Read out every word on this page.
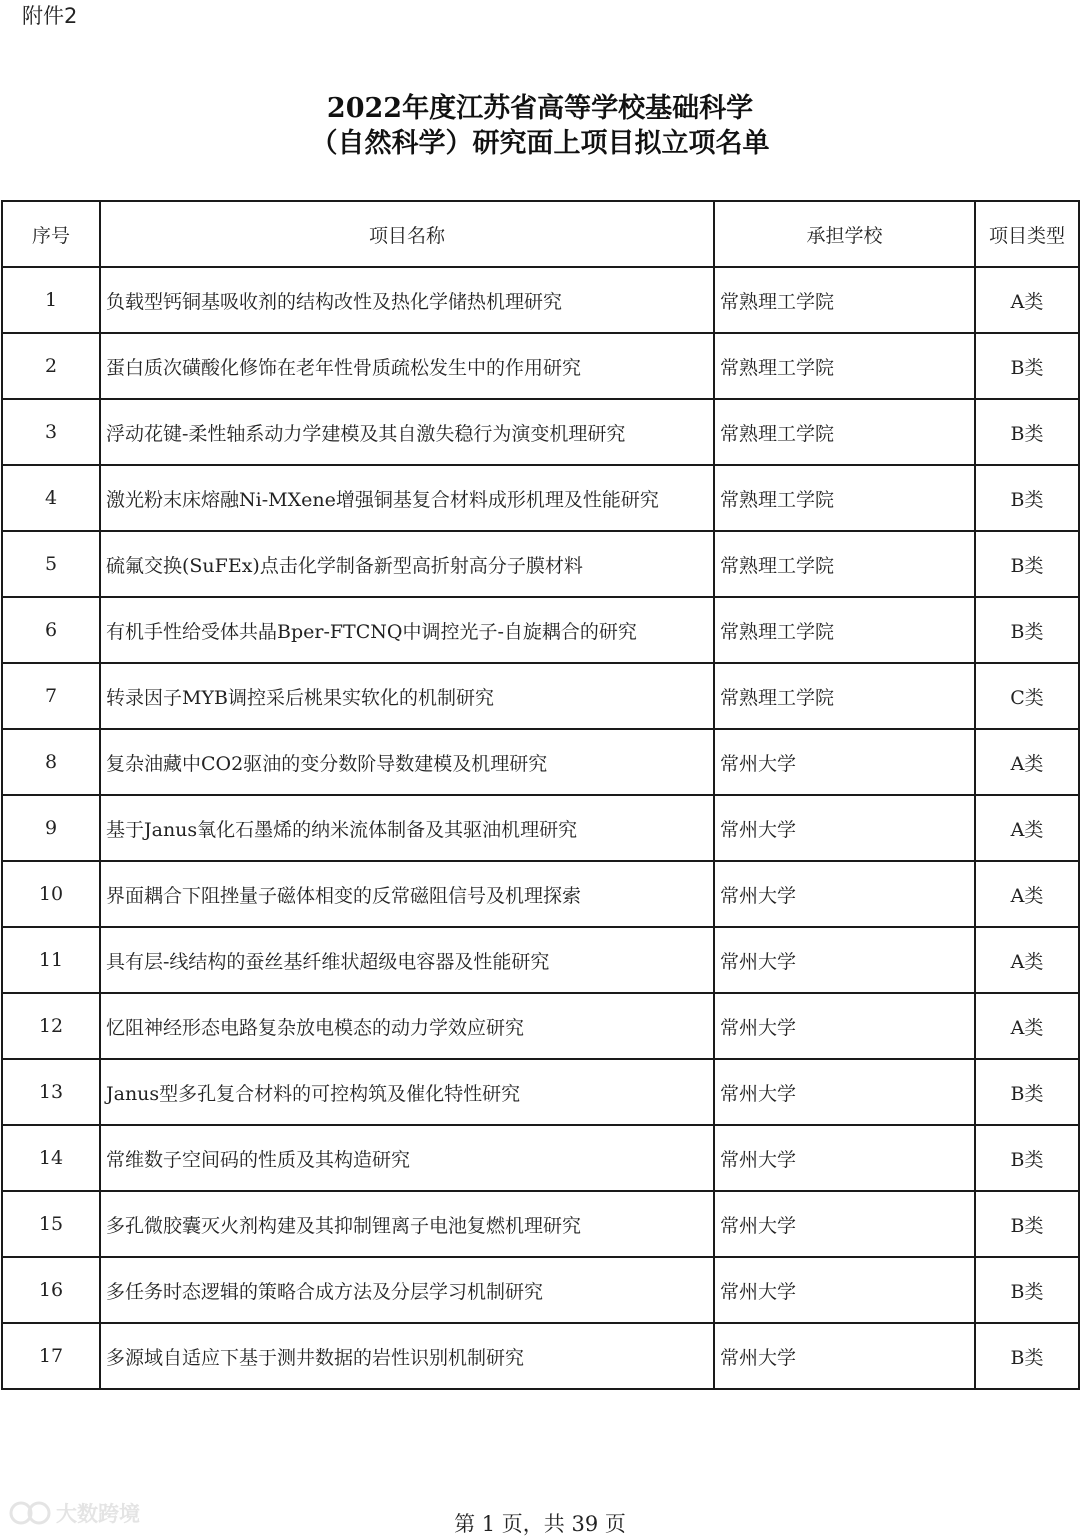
附件2
2022年度江苏省高等学校基础科学
（自然科学）研究面上项目拟立项名单
序号	项目名称	承担学校	项目类型
1	负载型钙铜基吸收剂的结构改性及热化学储热机理研究	常熟理工学院	A类
2	蛋白质次磺酸化修饰在老年性骨质疏松发生中的作用研究	常熟理工学院	B类
3	浮动花键-柔性轴系动力学建模及其自激失稳行为演变机理研究	常熟理工学院	B类
4	激光粉末床熔融Ni-MXene增强铜基复合材料成形机理及性能研究	常熟理工学院	B类
5	硫氟交换(SuFEx)点击化学制备新型高折射高分子膜材料	常熟理工学院	B类
6	有机手性给受体共晶Bper-FTCNQ中调控光子-自旋耦合的研究	常熟理工学院	B类
7	转录因子MYB调控采后桃果实软化的机制研究	常熟理工学院	C类
8	复杂油藏中CO2驱油的变分数阶导数建模及机理研究	常州大学	A类
9	基于Janus氧化石墨烯的纳米流体制备及其驱油机理研究	常州大学	A类
10	界面耦合下阻挫量子磁体相变的反常磁阻信号及机理探索	常州大学	A类
11	具有层-线结构的蚕丝基纤维状超级电容器及性能研究	常州大学	A类
12	忆阻神经形态电路复杂放电模态的动力学效应研究	常州大学	A类
13	Janus型多孔复合材料的可控构筑及催化特性研究	常州大学	B类
14	常维数子空间码的性质及其构造研究	常州大学	B类
15	多孔微胶囊灭火剂构建及其抑制锂离子电池复燃机理研究	常州大学	B类
16	多任务时态逻辑的策略合成方法及分层学习机制研究	常州大学	B类
17	多源域自适应下基于测井数据的岩性识别机制研究	常州大学	B类
大数跨境	第 1 页，共 39 页
